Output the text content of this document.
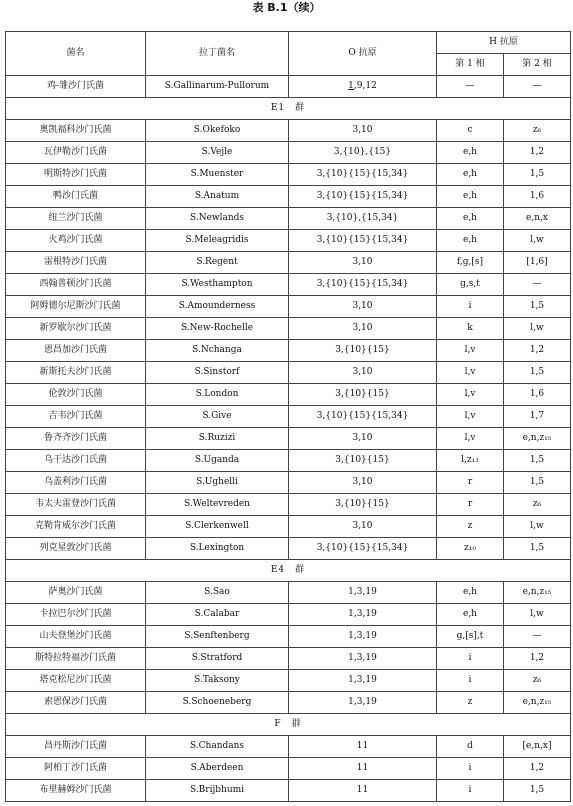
表 B.1（续）
菌名	拉丁菌名	O 抗原	H 抗原	
			第 1 相	第 2 相
鸡-雏沙门氏菌	S.Gallinarum-Pullorum	1,9,12	—	—
E1　群				
奥凯福科沙门氏菌	S.Okefoko	3,10	c	z₆
瓦伊勒沙门氏菌	S.Vejle	3,{10},{15}	e,h	1,2
明斯特沙门氏菌	S.Muenster	3,{10}{15}{15,34}	e,h	1,5
鸭沙门氏菌	S.Anatum	3,{10}{15}{15,34}	e,h	1,6
纽兰沙门氏菌	S.Newlands	3,{10},{15,34}	e,h	e,n,x
火鸡沙门氏菌	S.Meleagridis	3,{10}{15}{15,34}	e,h	l,w
雷根特沙门氏菌	S.Regent	3,10	f,g,[s]	[1,6]
西翰普顿沙门氏菌	S.Westhampton	3,{10}{15}{15,34}	g,s,t	—
阿姆德尔尼斯沙门氏菌	S.Amounderness	3,10	i	1,5
新罗歇尔沙门氏菌	S.New-Rochelle	3,10	k	l,w
恩昌加沙门氏菌	S.Nchanga	3,{10}{15}	l,v	1,2
新斯托夫沙门氏菌	S.Sinstorf	3,10	l,v	1,5
伦敦沙门氏菌	S.London	3,{10}{15}	l,v	1,6
吉韦沙门氏菌	S.Give	3,{10}{15}{15,34}	l,v	1,7
鲁齐齐沙门氏菌	S.Ruzizi	3,10	l,v	e,n,z₁₅
乌干达沙门氏菌	S.Uganda	3,{10}{15}	l,z₁₃	1,5
乌盖利沙门氏菌	S.Ughelli	3,10	r	1,5
韦太夫雷登沙门氏菌	S.Weltevreden	3,{10}{15}	r	z₆
克勒肯威尔沙门氏菌	S.Clerkenwell	3,10	z	l,w
列克星敦沙门氏菌	S.Lexington	3,{10}{15}{15,34}	z₁₀	1,5
E4　群				
萨奥沙门氏菌	S.Sao	1,3,19	e,h	e,n,z₁₅
卡拉巴尔沙门氏菌	S.Calabar	1,3,19	e,h	l,w
山夫登堡沙门氏菌	S.Senftenberg	1,3,19	g,[s],t	—
斯特拉特福沙门氏菌	S.Stratford	1,3,19	i	1,2
塔克松尼沙门氏菌	S.Taksony	1,3,19	i	z₆
索恩保沙门氏菌	S.Schoeneberg	1,3,19	z	e,n,z₁₅
F　群				
昌丹斯沙门氏菌	S.Chandans	11	d	[e,n,x]
阿柏丁沙门氏菌	S.Aberdeen	11	i	1,2
布里赫姆沙门氏菌	S.Brijbhumi	11	i	1,5
